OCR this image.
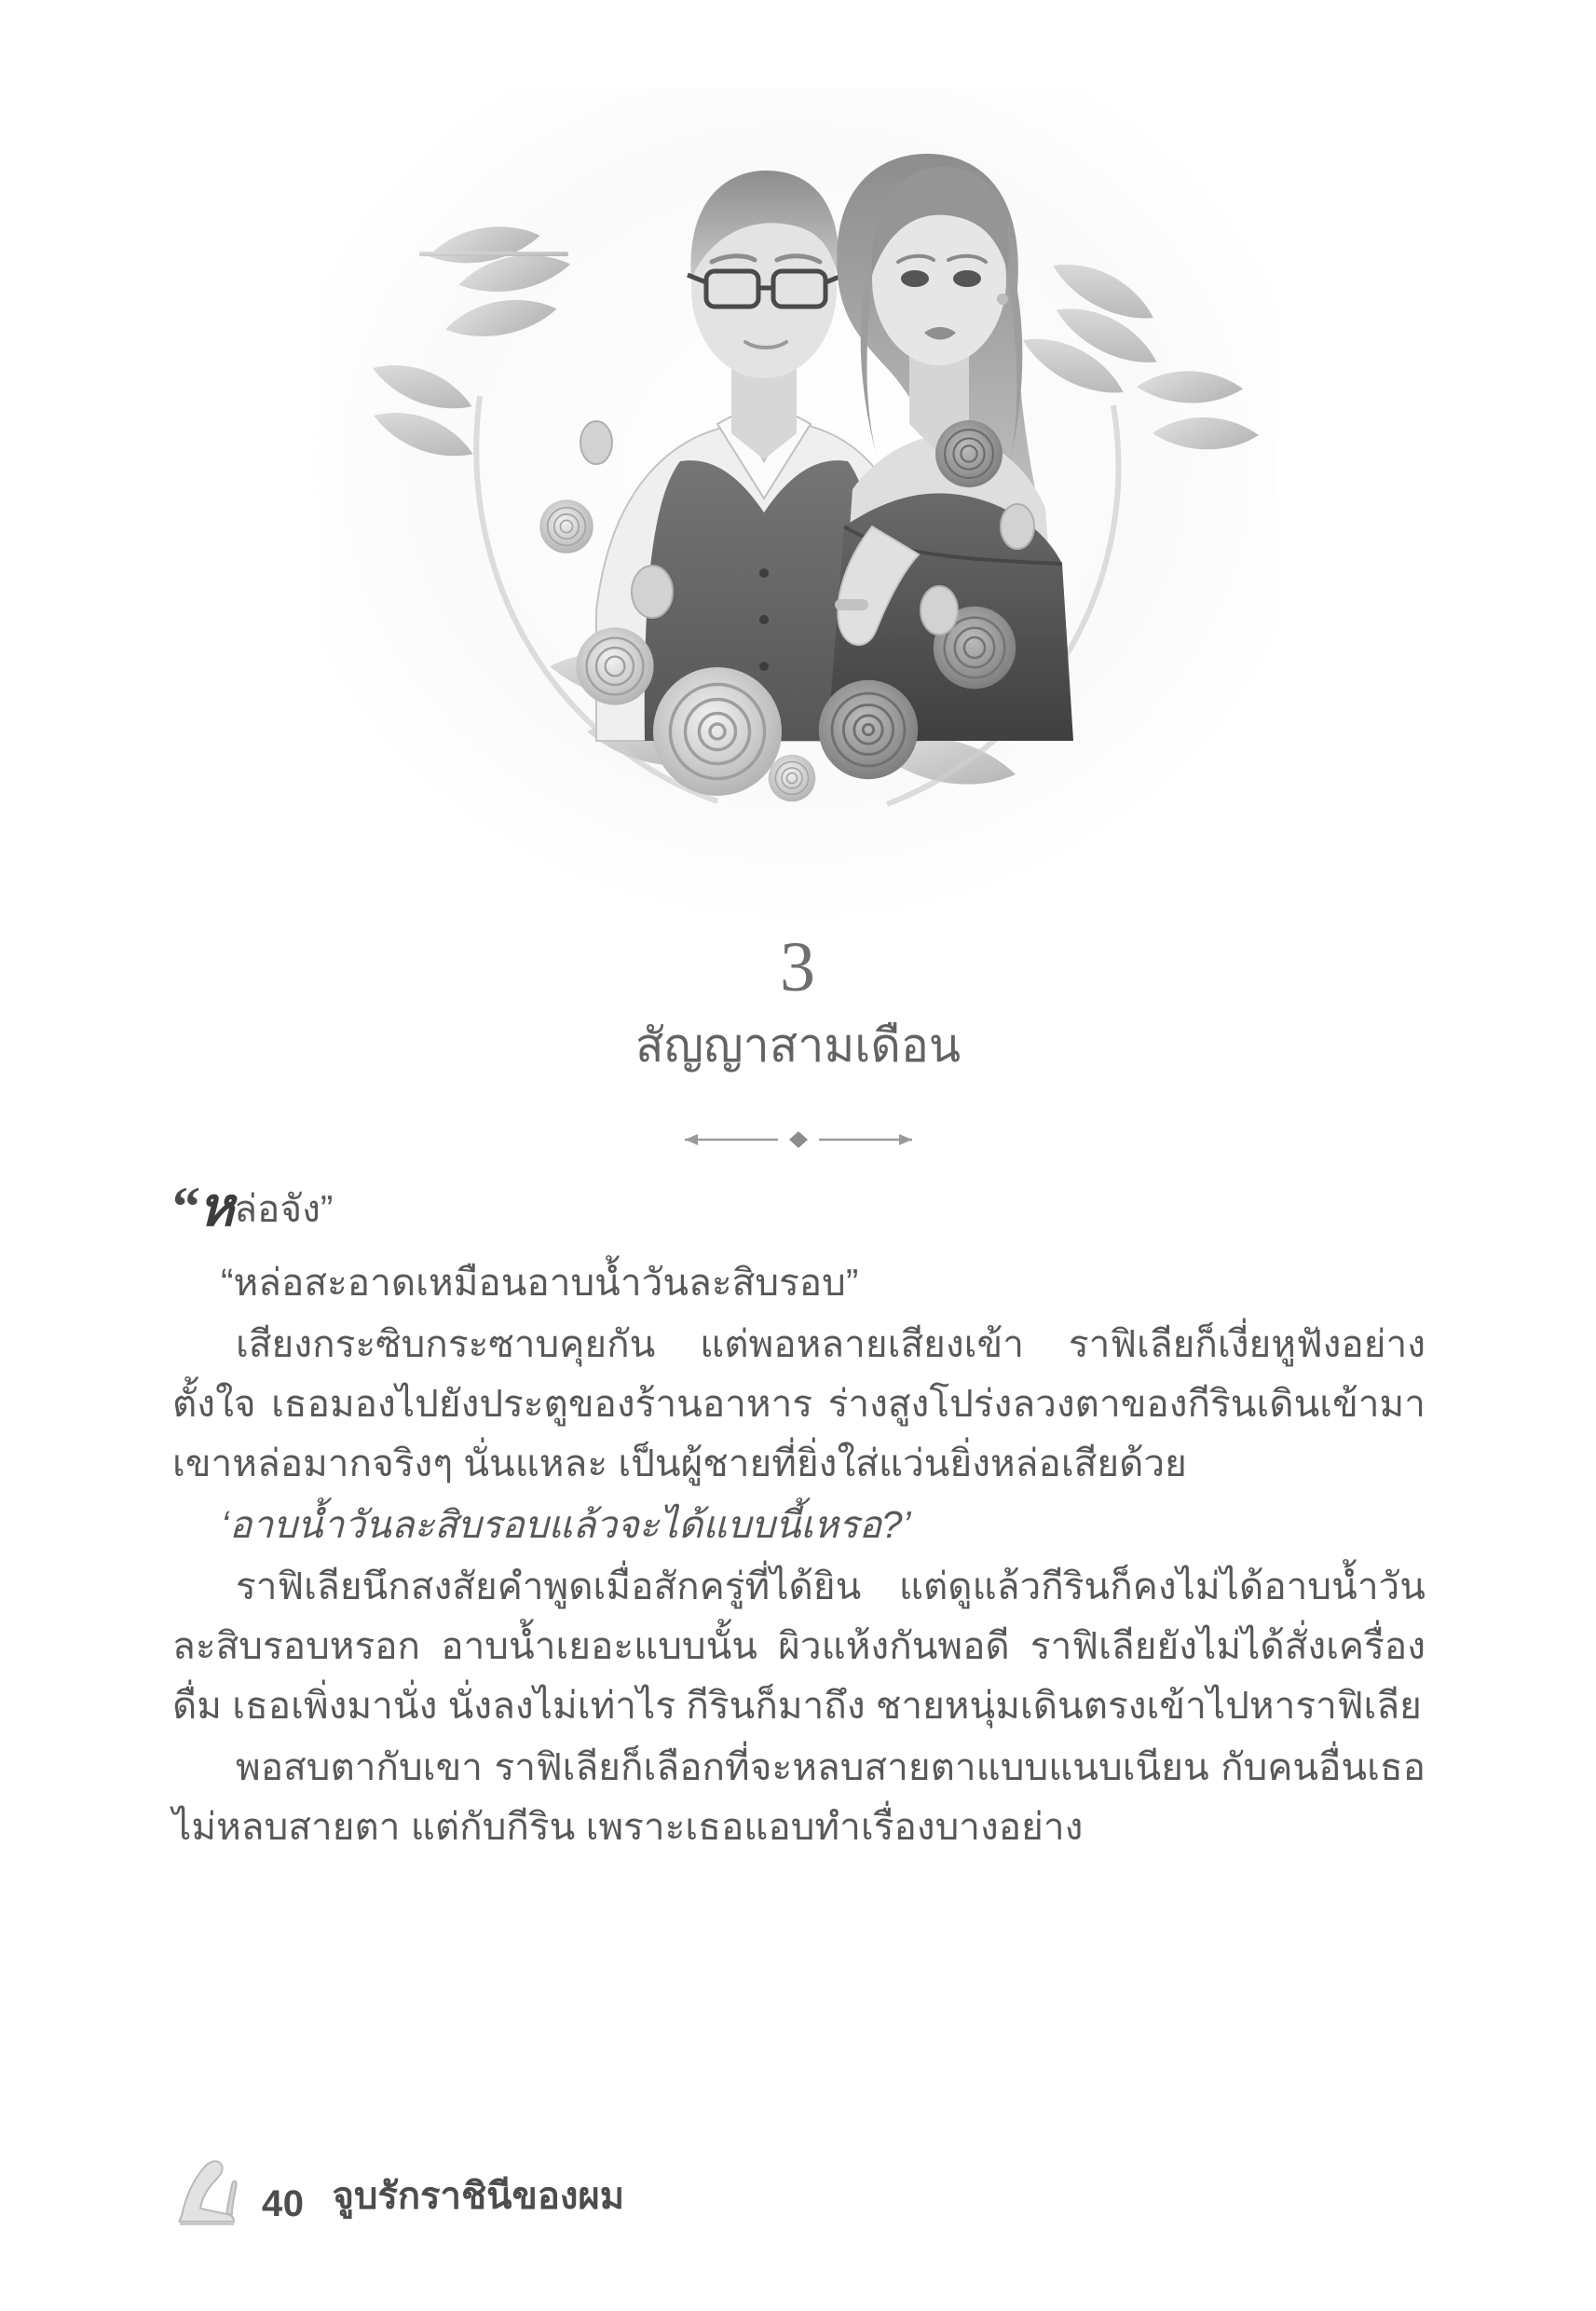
3
สัญญาสามเดือน

“หล่อจัง”

“หล่อสะอาดเหมือนอาบน้ำวันละสิบรอบ”

เสียงกระซิบกระซาบคุยกัน แต่พอหลายเสียงเข้า ราฟิเลียก็เงี่ยหูฟังอย่างตั้งใจ เธอมองไปยังประตูของร้านอาหาร ร่างสูงโปร่งลวงตาของกีรินเดินเข้ามา เขาหล่อมากจริงๆ นั่นแหละ เป็นผู้ชายที่ยิ่งใส่แว่นยิ่งหล่อเสียด้วย

‘อาบน้ำวันละสิบรอบแล้วจะได้แบบนี้เหรอ?’

ราฟิเลียนึกสงสัยคำพูดเมื่อสักครู่ที่ได้ยิน แต่ดูแล้วกีรินก็คงไม่ได้อาบน้ำวันละสิบรอบหรอก อาบน้ำเยอะแบบนั้น ผิวแห้งกันพอดี ราฟิเลียยังไม่ได้สั่งเครื่องดื่ม เธอเพิ่งมานั่ง นั่งลงไม่เท่าไร กีรินก็มาถึง ชายหนุ่มเดินตรงเข้าไปหาราฟิเลีย

พอสบตากับเขา ราฟิเลียก็เลือกที่จะหลบสายตาแบบแนบเนียน กับคนอื่นเธอไม่หลบสายตา แต่กับกีริน เพราะเธอแอบทำเรื่องบางอย่าง

40 จูบรักราชินีของผม
